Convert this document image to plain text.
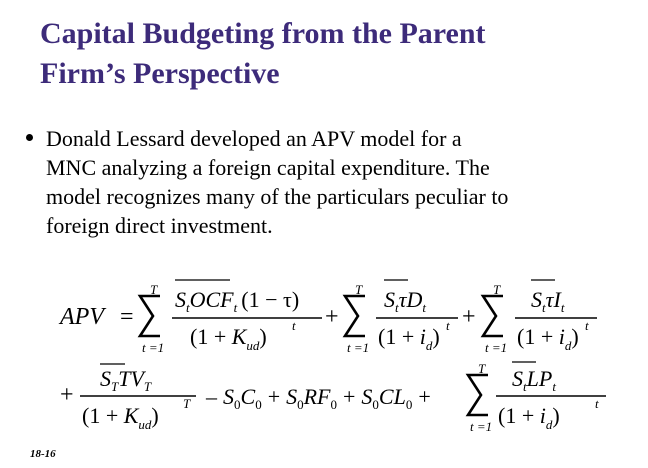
Capital Budgeting from the Parent
Firm’s Perspective
Donald Lessard developed an APV model for a
MNC analyzing a foreign capital expenditure. The
model recognizes many of the particulars peculiar to
foreign direct investment.
APV =
T
t =1
$S_tOCF_t$ (1 − τ)
$(1 + K_{ud})$ t +
T
t =1
$S_t\tau D_t$
$(1 + i_d)$ t +
T
t =1
$S_t\tau I_t$
$(1 + i_d)$ t
+
$S_TTV_T$
$(1 + K_{ud})$ $T - S_0C_0 + S_0RF_0 + S_0CL_0$ +
T
t =1
$S_tLP_t$
$(1 + i_d)$	t
18-16
